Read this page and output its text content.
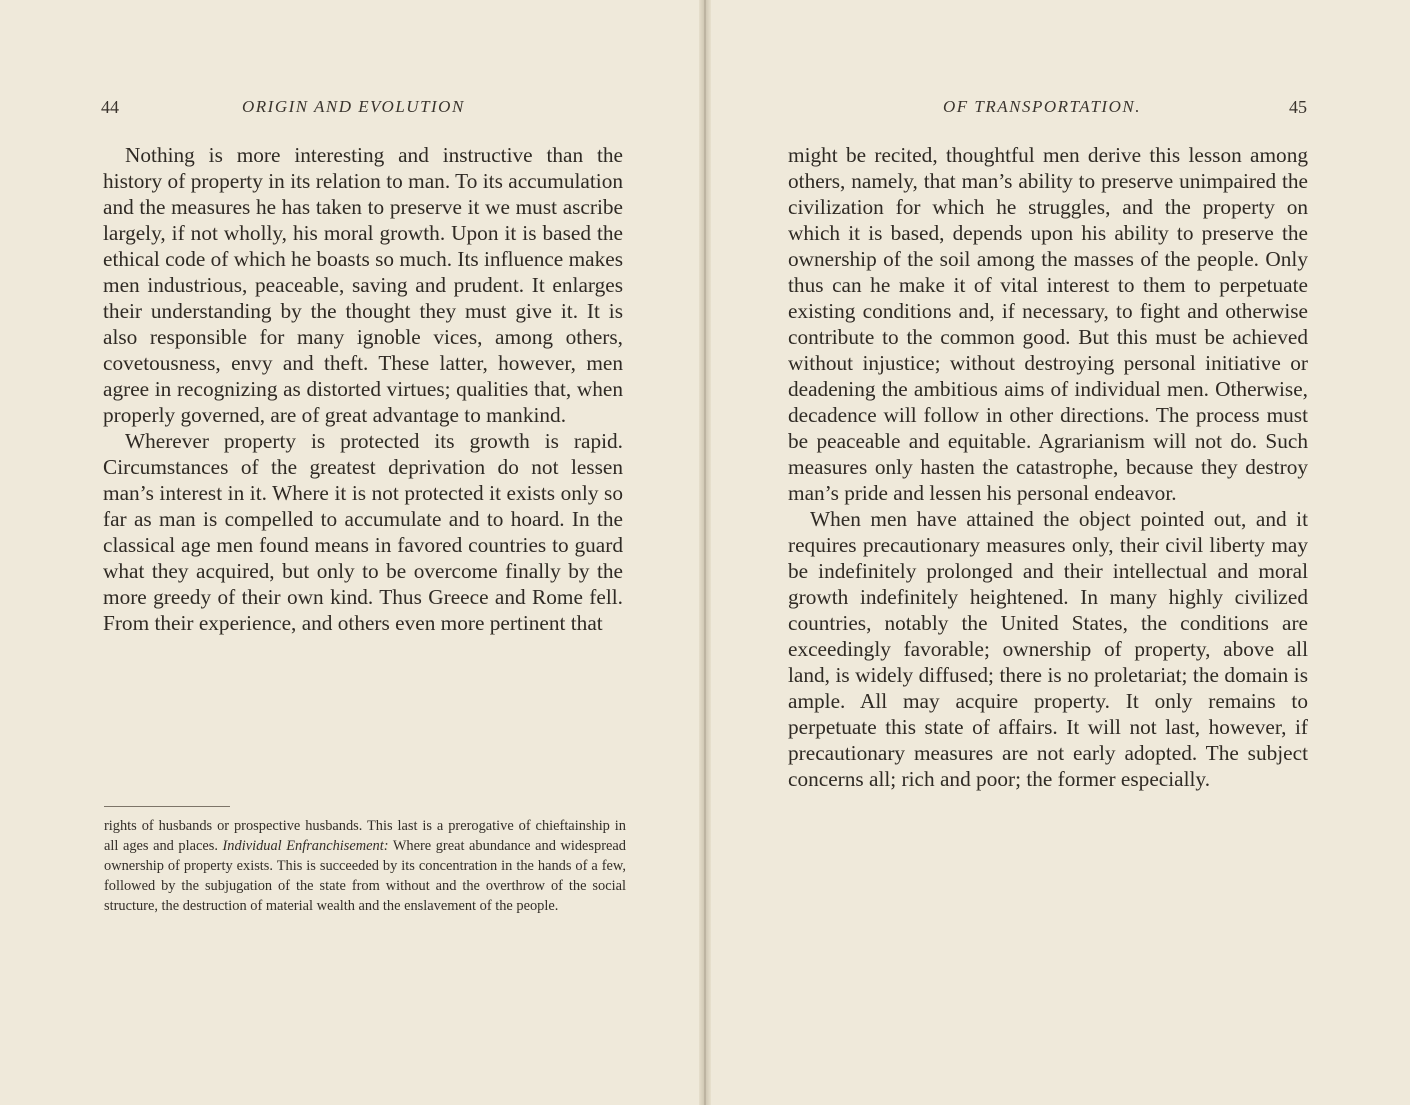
44	ORIGIN AND EVOLUTION

Nothing is more interesting and instructive than the history of property in its relation to man. To its accumulation and the measures he has taken to preserve it we must ascribe largely, if not wholly, his moral growth. Upon it is based the ethical code of which he boasts so much. Its influence makes men industrious, peaceable, saving and prudent. It enlarges their understanding by the thought they must give it. It is also responsible for many ignoble vices, among others, covetousness, envy and theft. These latter, however, men agree in recognizing as distorted virtues; qualities that, when properly governed, are of great advantage to mankind.

Wherever property is protected its growth is rapid. Circumstances of the greatest deprivation do not lessen man’s interest in it. Where it is not protected it exists only so far as man is compelled to accumulate and to hoard. In the classical age men found means in favored countries to guard what they acquired, but only to be overcome finally by the more greedy of their own kind. Thus Greece and Rome fell. From their experience, and others even more pertinent that

rights of husbands or prospective husbands. This last is a prerogative of chieftainship in all ages and places. Individual Enfranchisement: Where great abundance and widespread ownership of property exists. This is succeeded by its concentration in the hands of a few, followed by the subjugation of the state from without and the overthrow of the social structure, the destruction of material wealth and the enslavement of the people.

OF TRANSPORTATION.	45

might be recited, thoughtful men derive this lesson among others, namely, that man’s ability to preserve unimpaired the civilization for which he struggles, and the property on which it is based, depends upon his ability to preserve the ownership of the soil among the masses of the people. Only thus can he make it of vital interest to them to perpetuate existing conditions and, if necessary, to fight and otherwise contribute to the common good. But this must be achieved without injustice; without destroying personal initiative or deadening the ambitious aims of individual men. Otherwise, decadence will follow in other directions. The process must be peaceable and equitable. Agrarianism will not do. Such measures only hasten the catastrophe, because they destroy man’s pride and lessen his personal endeavor.

When men have attained the object pointed out, and it requires precautionary measures only, their civil liberty may be indefinitely prolonged and their intellectual and moral growth indefinitely heightened. In many highly civilized countries, notably the United States, the conditions are exceedingly favorable; ownership of property, above all land, is widely diffused; there is no proletariat; the domain is ample. All may acquire property. It only remains to perpetuate this state of affairs. It will not last, however, if precautionary measures are not early adopted. The subject concerns all; rich and poor; the former especially.
